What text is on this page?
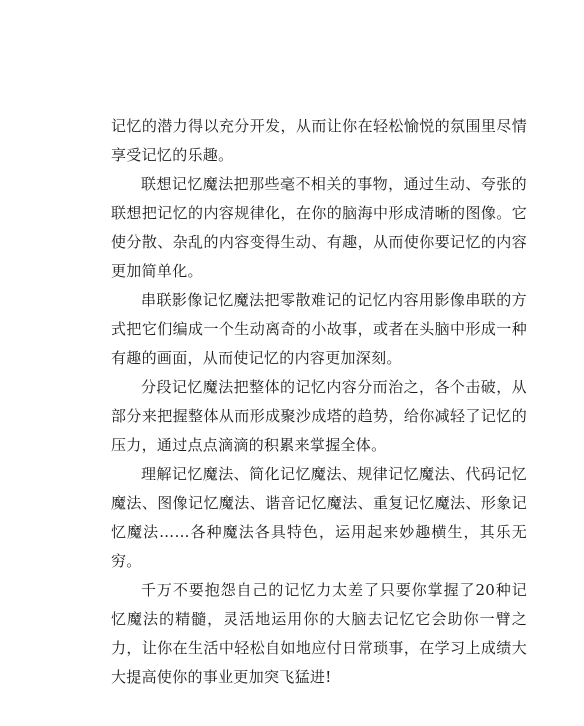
记忆的潜力得以充分开发，从而让你在轻松愉悦的氛围里尽情享受记忆的乐趣。

联想记忆魔法把那些毫不相关的事物，通过生动、夸张的联想把记忆的内容规律化，在你的脑海中形成清晰的图像。它使分散、杂乱的内容变得生动、有趣，从而使你要记忆的内容更加简单化。

串联影像记忆魔法把零散难记的记忆内容用影像串联的方式把它们编成一个生动离奇的小故事，或者在头脑中形成一种有趣的画面，从而使记忆的内容更加深刻。

分段记忆魔法把整体的记忆内容分而治之，各个击破，从部分来把握整体从而形成聚沙成塔的趋势，给你减轻了记忆的压力，通过点点滴滴的积累来掌握全体。

理解记忆魔法、简化记忆魔法、规律记忆魔法、代码记忆魔法、图像记忆魔法、谐音记忆魔法、重复记忆魔法、形象记忆魔法……各种魔法各具特色，运用起来妙趣横生，其乐无穷。

千万不要抱怨自己的记忆力太差了只要你掌握了20种记忆魔法的精髓，灵活地运用你的大脑去记忆它会助你一臂之力，让你在生活中轻松自如地应付日常琐事，在学习上成绩大大提高使你的事业更加突飞猛进!
